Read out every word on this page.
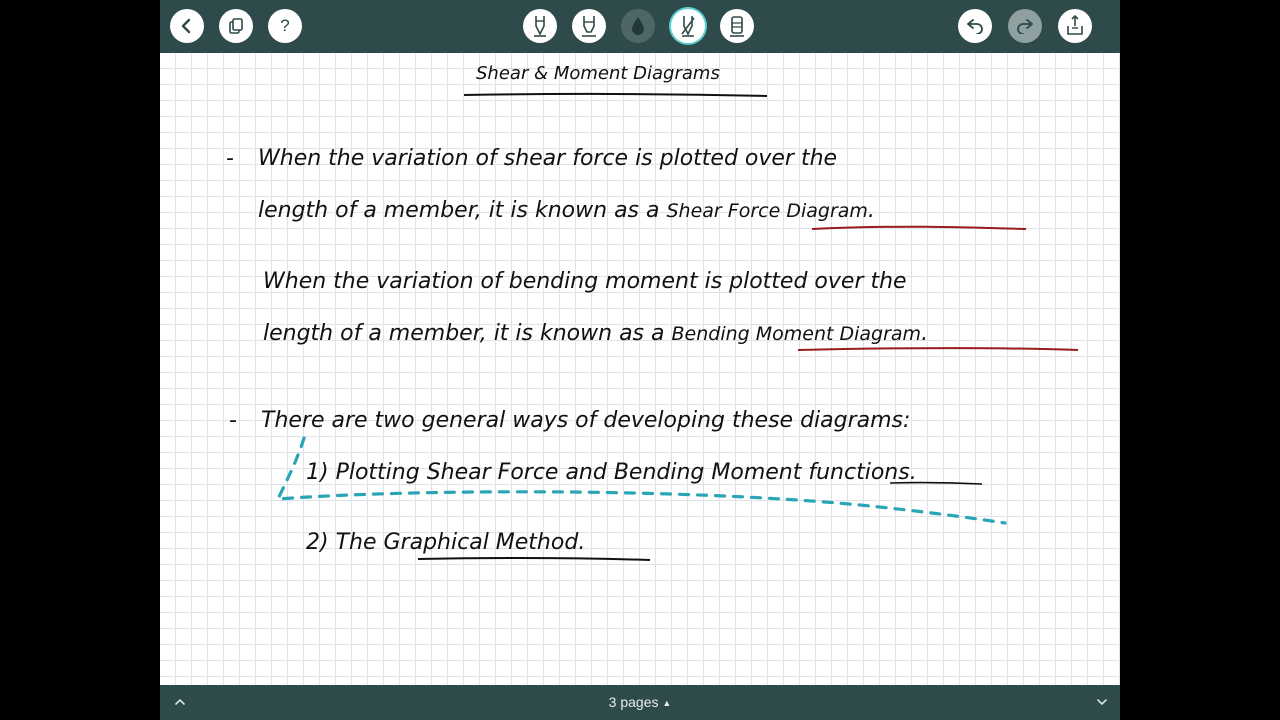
?
Shear & Moment Diagrams
- When the variation of shear force is plotted over the
length of a member, it is known as a Shear Force Diagram.
When the variation of bending moment is plotted over the
length of a member, it is known as a Bending Moment Diagram.
- There are two general ways of developing these diagrams:
1) Plotting Shear Force and Bending Moment functions.
2) The Graphical Method.
3 pages ▲
